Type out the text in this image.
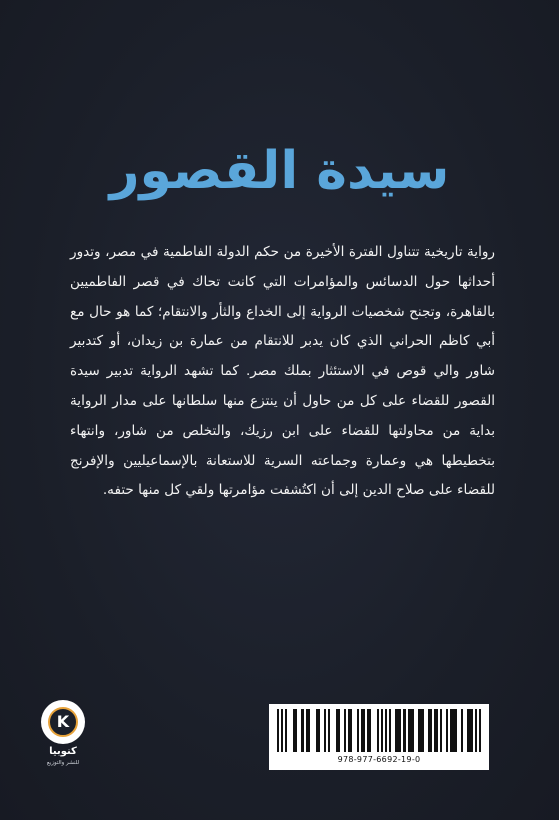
سيدة القصور
رواية تاريخية تتناول الفترة الأخيرة من حكم الدولة الفاطمية في مصر، وتدور أحداثها حول الدسائس والمؤامرات التي كانت تحاك في قصر الفاطميين بالقاهرة، وتجنح شخصيات الرواية إلى الخداع والثأر والانتقام؛ كما هو حال مع أبي كاظم الحراني الذي كان يدبر للانتقام من عمارة بن زيدان، أو كتدبير شاور والي قوص في الاستئثار بملك مصر. كما تشهد الرواية تدبير سيدة القصور للقضاء على كل من حاول أن ينتزع منها سلطانها على مدار الرواية بداية من محاولتها للقضاء على ابن رزيك، والتخلص من شاور، وانتهاء بتخطيطها هي وعمارة وجماعته السرية للاستعانة بالإسماعيليين والإفرنج للقضاء على صلاح الدين إلى أن اكتُشفت مؤامرتها ولقي كل منها حتفه.
K
كنوبيا
للنشر والتوزيع	978-977-6692-19-0
